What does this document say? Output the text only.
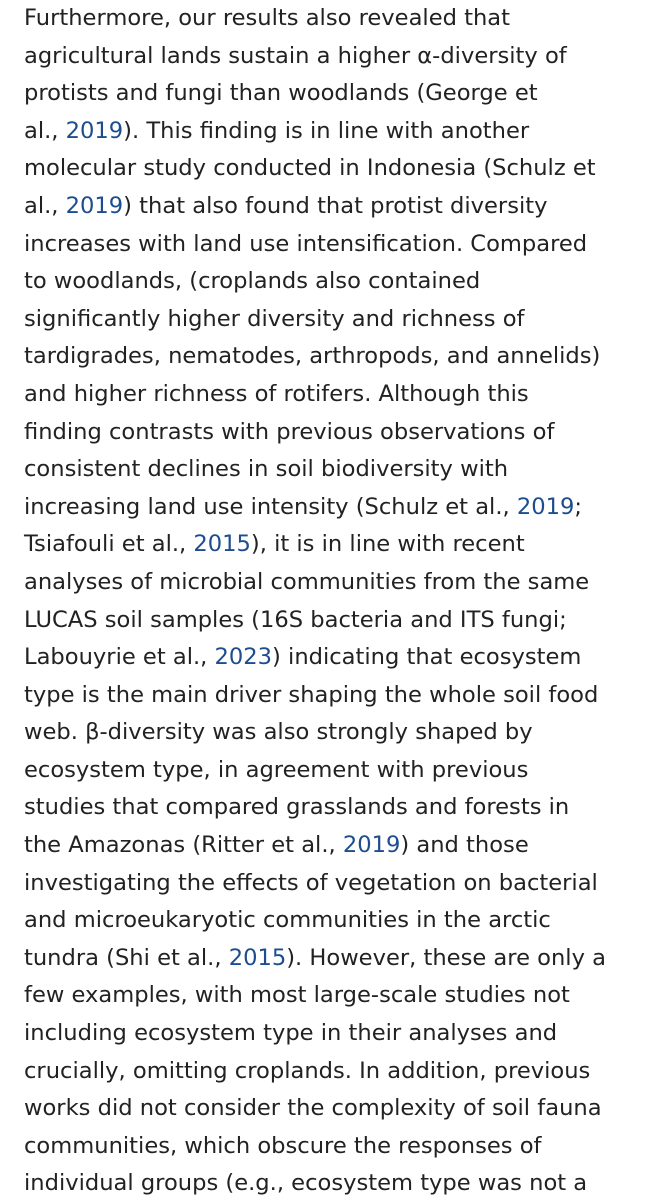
Furthermore, our results also revealed that
agricultural lands sustain a higher α-diversity of
protists and fungi than woodlands (George et
al., 2019). This finding is in line with another
molecular study conducted in Indonesia (Schulz et
al., 2019) that also found that protist diversity
increases with land use intensification. Compared
to woodlands, (croplands also contained
significantly higher diversity and richness of
tardigrades, nematodes, arthropods, and annelids)
and higher richness of rotifers. Although this
finding contrasts with previous observations of
consistent declines in soil biodiversity with
increasing land use intensity (Schulz et al., 2019;
Tsiafouli et al., 2015), it is in line with recent
analyses of microbial communities from the same
LUCAS soil samples (16S bacteria and ITS fungi;
Labouyrie et al., 2023) indicating that ecosystem
type is the main driver shaping the whole soil food
web. β-diversity was also strongly shaped by
ecosystem type, in agreement with previous
studies that compared grasslands and forests in
the Amazonas (Ritter et al., 2019) and those
investigating the effects of vegetation on bacterial
and microeukaryotic communities in the arctic
tundra (Shi et al., 2015). However, these are only a
few examples, with most large-scale studies not
including ecosystem type in their analyses and
crucially, omitting croplands. In addition, previous
works did not consider the complexity of soil fauna
communities, which obscure the responses of
individual groups (e.g., ecosystem type was not a
